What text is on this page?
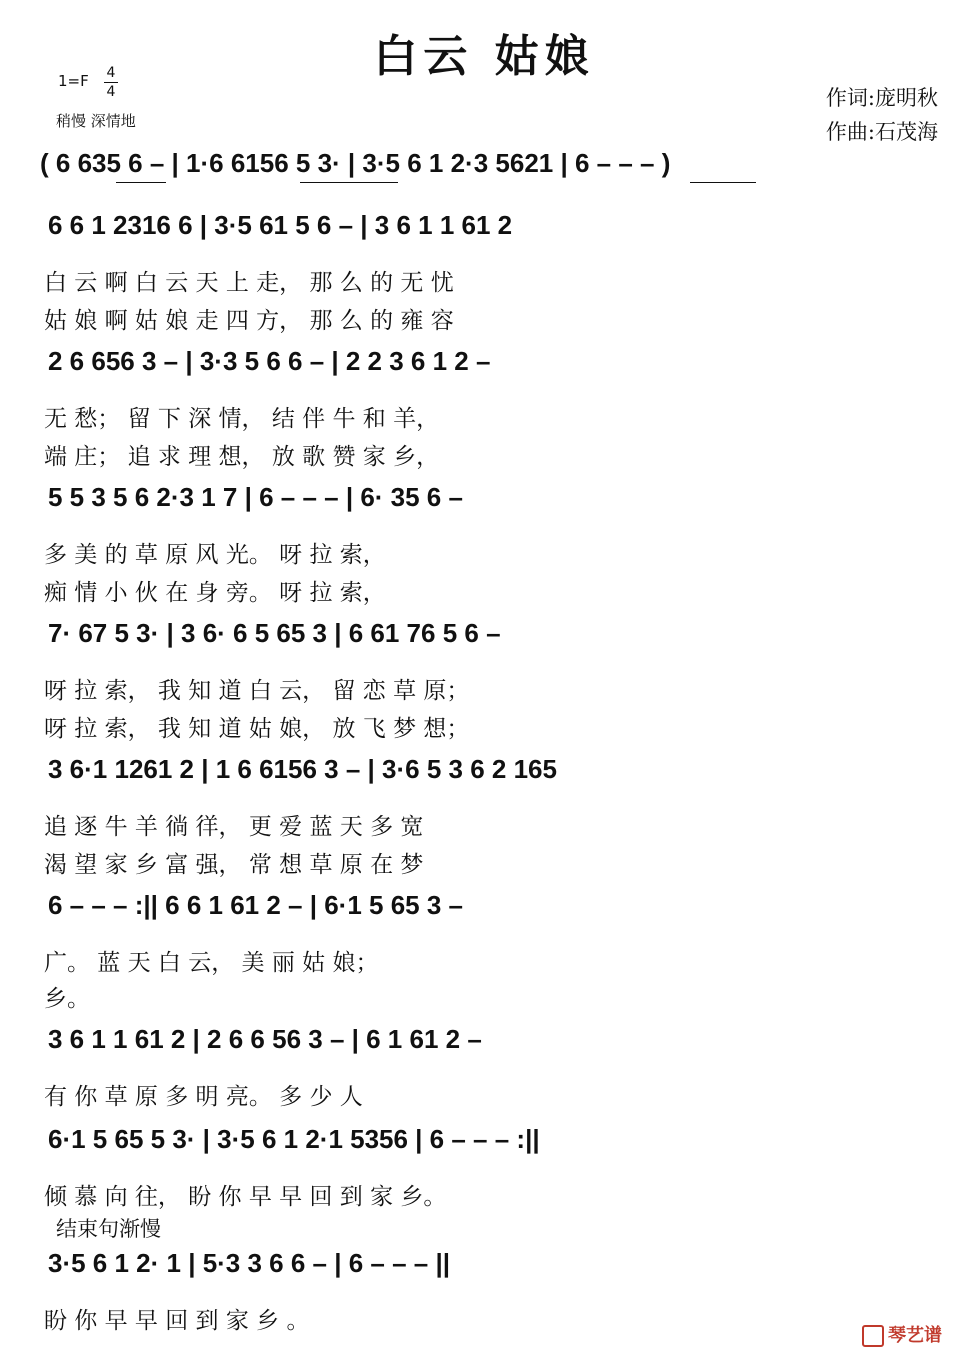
白云 姑娘
1=F 4
4
稍慢 深情地
作词:庞明秋
作曲:石茂海
( 6 635 6 – | 1·6 6156 5 3· | 3·5 6 1 2·3 5621 | 6 – – – )
6 6 1 2316 6 | 3·5 61 5 6 – | 3 6 1 1 61 2
白 云 啊 白 云 天 上 走， 那 么 的 无 忧
姑 娘 啊 姑 娘 走 四 方， 那 么 的 雍 容
2 6 656 3 – | 3·3 5 6 6 – | 2 2 3 6 1 2 –
无 愁； 留 下 深 情， 结 伴 牛 和 羊，
端 庄； 追 求 理 想， 放 歌 赞 家 乡，
5 5 3 5 6 2·3 1 7 | 6 – – – | 6· 35 6 –
多 美 的 草 原 风 光。 呀 拉 索，
痴 情 小 伙 在 身 旁。 呀 拉 索，
7· 67 5 3· | 3 6· 6 5 65 3 | 6 61 76 5 6 –
呀 拉 索， 我 知 道 白 云， 留 恋 草 原；
呀 拉 索， 我 知 道 姑 娘， 放 飞 梦 想；
3 6·1 1261 2 | 1 6 6156 3 – | 3·6 5 3 6 2 165
追 逐 牛 羊 徜 徉， 更 爱 蓝 天 多 宽
渴 望 家 乡 富 强， 常 想 草 原 在 梦
6 – – – :|| 6 6 1 61 2 – | 6·1 5 65 3 –
广。 蓝 天 白 云， 美 丽 姑 娘；
乡。
3 6 1 1 61 2 | 2 6 6 56 3 – | 6 1 61 2 –
有 你 草 原 多 明 亮。 多 少 人
6·1 5 65 5 3· | 3·5 6 1 2·1 5356 | 6 – – – :||
倾 慕 向 往， 盼 你 早 早 回 到 家 乡。
结束句渐慢
3·5 6 1 2· 1 | 5·3 3 6 6 – | 6 – – – ||
盼 你 早 早 回 到 家 乡 。
琴艺谱
